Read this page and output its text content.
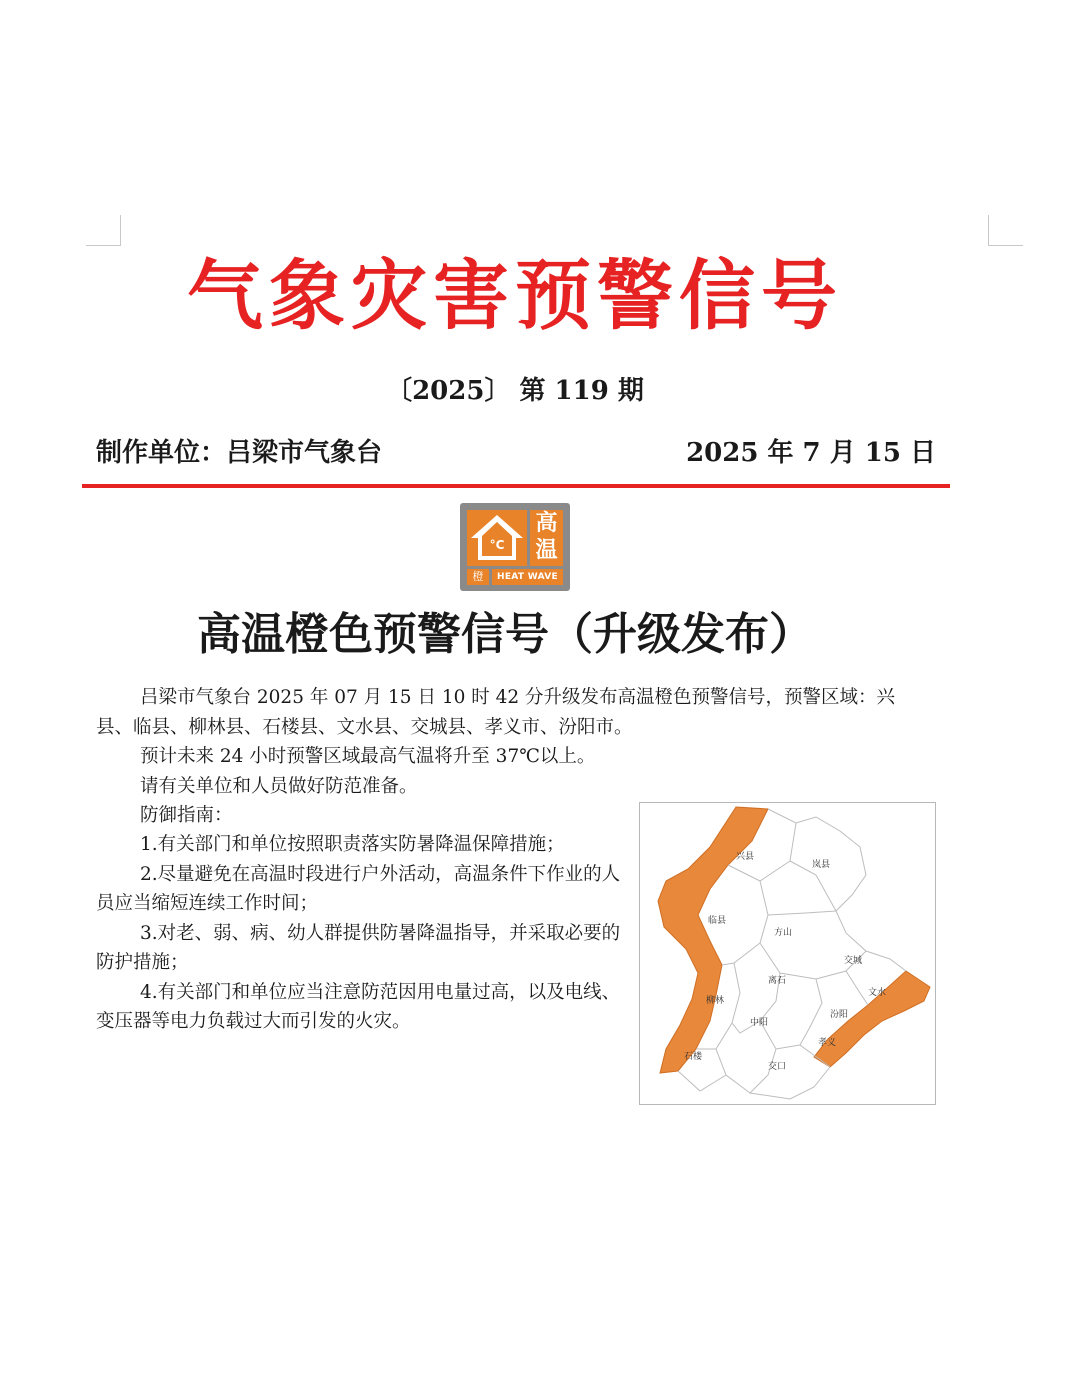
气象灾害预警信号
〔2025〕 第 119 期
制作单位：吕梁市气象台	2025 年 7 月 15 日
°C
高温
橙	HEAT WAVE
高温橙色预警信号（升级发布）

吕梁市气象台 2025 年 07 月 15 日 10 时 42 分升级发布高温橙色预警信号，预警区域：兴县、临县、柳林县、石楼县、文水县、交城县、孝义市、汾阳市。

预计未来 24 小时预警区域最高气温将升至 37℃以上。

请有关单位和人员做好防范准备。

防御指南：

1.有关部门和单位按照职责落实防暑降温保障措施；

2.尽量避免在高温时段进行户外活动，高温条件下作业的人员应当缩短连续工作时间；

3.对老、弱、病、幼人群提供防暑降温指导，并采取必要的防护措施；

4.有关部门和单位应当注意防范因用电量过高，以及电线、变压器等电力负载过大而引发的火灾。

兴县
岚县
临县
方山
交城
离石
文水
柳林
中阳
汾阳
石楼
孝义
交口
